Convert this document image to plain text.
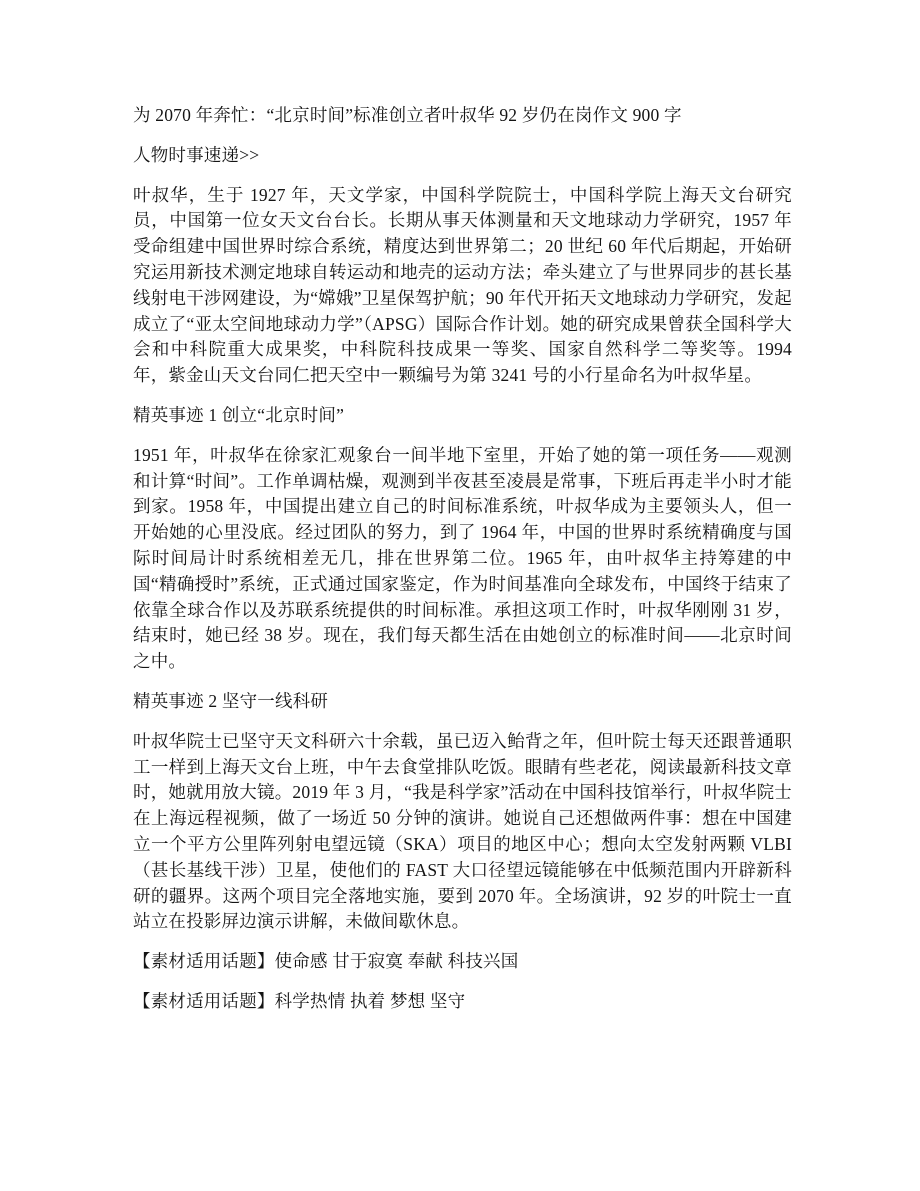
为 2070 年奔忙：“北京时间”标准创立者叶叔华 92 岁仍在岗作文 900 字

人物时事速递>>

叶叔华，生于 1927 年，天文学家，中国科学院院士，中国科学院上海天文台研究员，中国第一位女天文台台长。长期从事天体测量和天文地球动力学研究，1957 年受命组建中国世界时综合系统，精度达到世界第二；20 世纪 60 年代后期起，开始研究运用新技术测定地球自转运动和地壳的运动方法；牵头建立了与世界同步的甚长基线射电干涉网建设，为“嫦娥”卫星保驾护航；90 年代开拓天文地球动力学研究，发起成立了“亚太空间地球动力学”（APSG）国际合作计划。她的研究成果曾获全国科学大会和中科院重大成果奖，中科院科技成果一等奖、国家自然科学二等奖等。1994 年，紫金山天文台同仁把天空中一颗编号为第 3241 号的小行星命名为叶叔华星。

精英事迹 1 创立“北京时间”

1951 年，叶叔华在徐家汇观象台一间半地下室里，开始了她的第一项任务——观测和计算“时间”。工作单调枯燥，观测到半夜甚至凌晨是常事，下班后再走半小时才能到家。1958 年，中国提出建立自己的时间标准系统，叶叔华成为主要领头人，但一开始她的心里没底。经过团队的努力，到了 1964 年，中国的世界时系统精确度与国际时间局计时系统相差无几，排在世界第二位。1965 年，由叶叔华主持筹建的中国“精确授时”系统，正式通过国家鉴定，作为时间基准向全球发布，中国终于结束了依靠全球合作以及苏联系统提供的时间标准。承担这项工作时，叶叔华刚刚 31 岁，结束时，她已经 38 岁。现在，我们每天都生活在由她创立的标准时间——北京时间之中。

精英事迹 2 坚守一线科研

叶叔华院士已坚守天文科研六十余载，虽已迈入鲐背之年，但叶院士每天还跟普通职工一样到上海天文台上班，中午去食堂排队吃饭。眼睛有些老花，阅读最新科技文章时，她就用放大镜。2019 年 3 月，“我是科学家”活动在中国科技馆举行，叶叔华院士在上海远程视频，做了一场近 50 分钟的演讲。她说自己还想做两件事：想在中国建立一个平方公里阵列射电望远镜（SKA）项目的地区中心；想向太空发射两颗 VLBI（甚长基线干涉）卫星，使他们的 FAST 大口径望远镜能够在中低频范围内开辟新科研的疆界。这两个项目完全落地实施，要到 2070 年。全场演讲，92 岁的叶院士一直站立在投影屏边演示讲解，未做间歇休息。

【素材适用话题】使命感 甘于寂寞 奉献 科技兴国

【素材适用话题】科学热情 执着 梦想 坚守
